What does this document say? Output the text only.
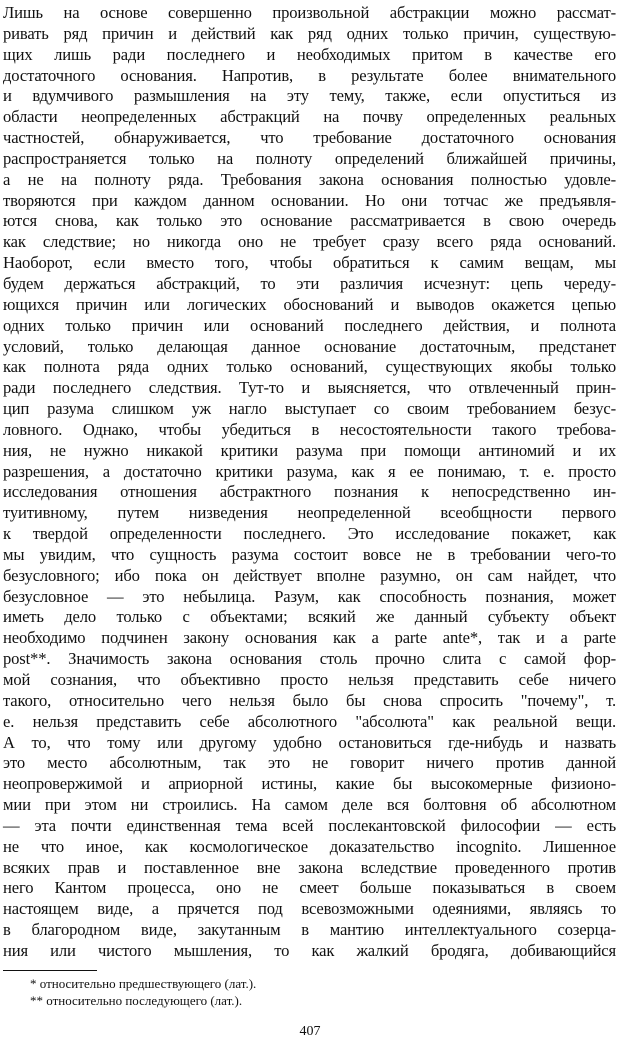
Лишь на основе совершенно произвольной абстракции можно рассмат-
ривать ряд причин и действий как ряд одних только причин, существую-
щих лишь ради последнего и необходимых притом в качестве его
достаточного основания. Напротив, в результате более внимательного
и вдумчивого размышления на эту тему, также, если опуститься из
области неопределенных абстракций на почву определенных реальных
частностей, обнаруживается, что требование достаточного основания
распространяется только на полноту определений ближайшей причины,
а не на полноту ряда. Требования закона основания полностью удовле-
творяются при каждом данном основании. Но они тотчас же предъявля-
ются снова, как только это основание рассматривается в свою очередь
как следствие; но никогда оно не требует сразу всего ряда оснований.
Наоборот, если вместо того, чтобы обратиться к самим вещам, мы
будем держаться абстракций, то эти различия исчезнут: цепь череду-
ющихся причин или логических обоснований и выводов окажется цепью
одних только причин или оснований последнего действия, и полнота
условий, только делающая данное основание достаточным, предстанет
как полнота ряда одних только оснований, существующих якобы только
ради последнего следствия. Тут-то и выясняется, что отвлеченный прин-
цип разума слишком уж нагло выступает со своим требованием безус-
ловного. Однако, чтобы убедиться в несостоятельности такого требова-
ния, не нужно никакой критики разума при помощи антиномий и их
разрешения, а достаточно критики разума, как я ее понимаю, т. е. просто
исследования отношения абстрактного познания к непосредственно ин-
туитивному, путем низведения неопределенной всеобщности первого
к твердой определенности последнего. Это исследование покажет, как
мы увидим, что сущность разума состоит вовсе не в требовании чего-то
безусловного; ибо пока он действует вполне разумно, он сам найдет, что
безусловное — это небылица. Разум, как способность познания, может
иметь дело только с объектами; всякий же данный субъекту объект
необходимо подчинен закону основания как a parte ante*, так и a parte
post**. Значимость закона основания столь прочно слита с самой фор-
мой сознания, что объективно просто нельзя представить себе ничего
такого, относительно чего нельзя было бы снова спросить "почему", т.
е. нельзя представить себе абсолютного "абсолюта" как реальной вещи.
А то, что тому или другому удобно остановиться где-нибудь и назвать
это место абсолютным, так это не говорит ничего против данной
неопровержимой и априорной истины, какие бы высокомерные физионо-
мии при этом ни строились. На самом деле вся болтовня об абсолютном
— эта почти единственная тема всей послекантовской философии — есть
не что иное, как космологическое доказательство incognito. Лишенное
всяких прав и поставленное вне закона вследствие проведенного против
него Кантом процесса, оно не смеет больше показываться в своем
настоящем виде, а прячется под всевозможными одеяниями, являясь то
в благородном виде, закутанным в мантию интеллектуального созерца-
ния или чистого мышления, то как жалкий бродяга, добивающийся
* относительно предшествующего (лат.).
** относительно последующего (лат.).
407
